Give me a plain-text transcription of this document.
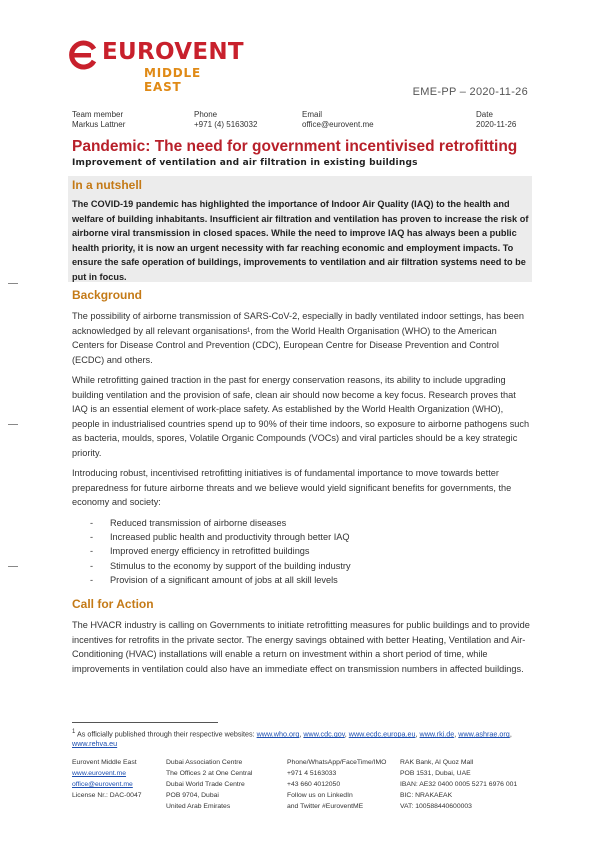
EUROVENT
MIDDLE EAST	EME-PP – 2020-11-26
Team member
Markus Lattner
Phone
+971 (4) 5163032
Email
office@eurovent.me
Date
2020-11-26
Pandemic: The need for government incentivised retrofitting
Improvement of ventilation and air filtration in existing buildings
In a nutshell
The COVID-19 pandemic has highlighted the importance of Indoor Air Quality (IAQ) to the health and welfare of building inhabitants. Insufficient air filtration and ventilation has proven to increase the risk of airborne viral transmission in closed spaces. While the need to improve IAQ has always been a public health priority, it is now an urgent necessity with far reaching economic and employment impacts. To ensure the safe operation of buildings, improvements to ventilation and air filtration systems need to be put in focus.
Background
The possibility of airborne transmission of SARS-CoV-2, especially in badly ventilated indoor settings, has been acknowledged by all relevant organisations¹, from the World Health Organisation (WHO) to the American Centers for Disease Control and Prevention (CDC), European Centre for Disease Prevention and Control (ECDC) and others.
While retrofitting gained traction in the past for energy conservation reasons, its ability to include upgrading building ventilation and the provision of safe, clean air should now become a key focus. Research proves that IAQ is an essential element of work-place safety. As established by the World Health Organization (WHO), people in industrialised countries spend up to 90% of their time indoors, so exposure to airborne pathogens such as bacteria, moulds, spores, Volatile Organic Compounds (VOCs) and viral particles should be a key strategic priority.
Introducing robust, incentivised retrofitting initiatives is of fundamental importance to move towards better preparedness for future airborne threats and we believe would yield significant benefits for governments, the economy and society:
- Reduced transmission of airborne diseases
- Increased public health and productivity through better IAQ
- Improved energy efficiency in retrofitted buildings
- Stimulus to the economy by support of the building industry
- Provision of a significant amount of jobs at all skill levels
Call for Action
The HVACR industry is calling on Governments to initiate retrofitting measures for public buildings and to provide incentives for retrofits in the private sector. The energy savings obtained with better Heating, Ventilation and Air-Conditioning (HVAC) installations will enable a return on investment within a short period of time, while improvements in ventilation could also have an immediate effect on transmission numbers in affected buildings.
$^1$ As officially published through their respective websites: www.who.org, www.cdc.gov, www.ecdc.europa.eu, www.rki.de, www.ashrae.org, www.rehva.eu
Eurovent Middle East
www.eurovent.me
office@eurovent.me
License Nr.: DAC-0047
Dubai Association Centre
The Offices 2 at One Central
Dubai World Trade Centre
POB 9704, Dubai
United Arab Emirates
Phone/WhatsApp/FaceTime/IMO
+971 4 5163033
+43 660 4012050
Follow us on LinkedIn
and Twitter #EuroventME
RAK Bank, Al Quoz Mall
POB 1531, Dubai, UAE
IBAN: AE32 0400 0005 5271 6976 001
BIC: NRAKAEAK
VAT: 100588440600003
